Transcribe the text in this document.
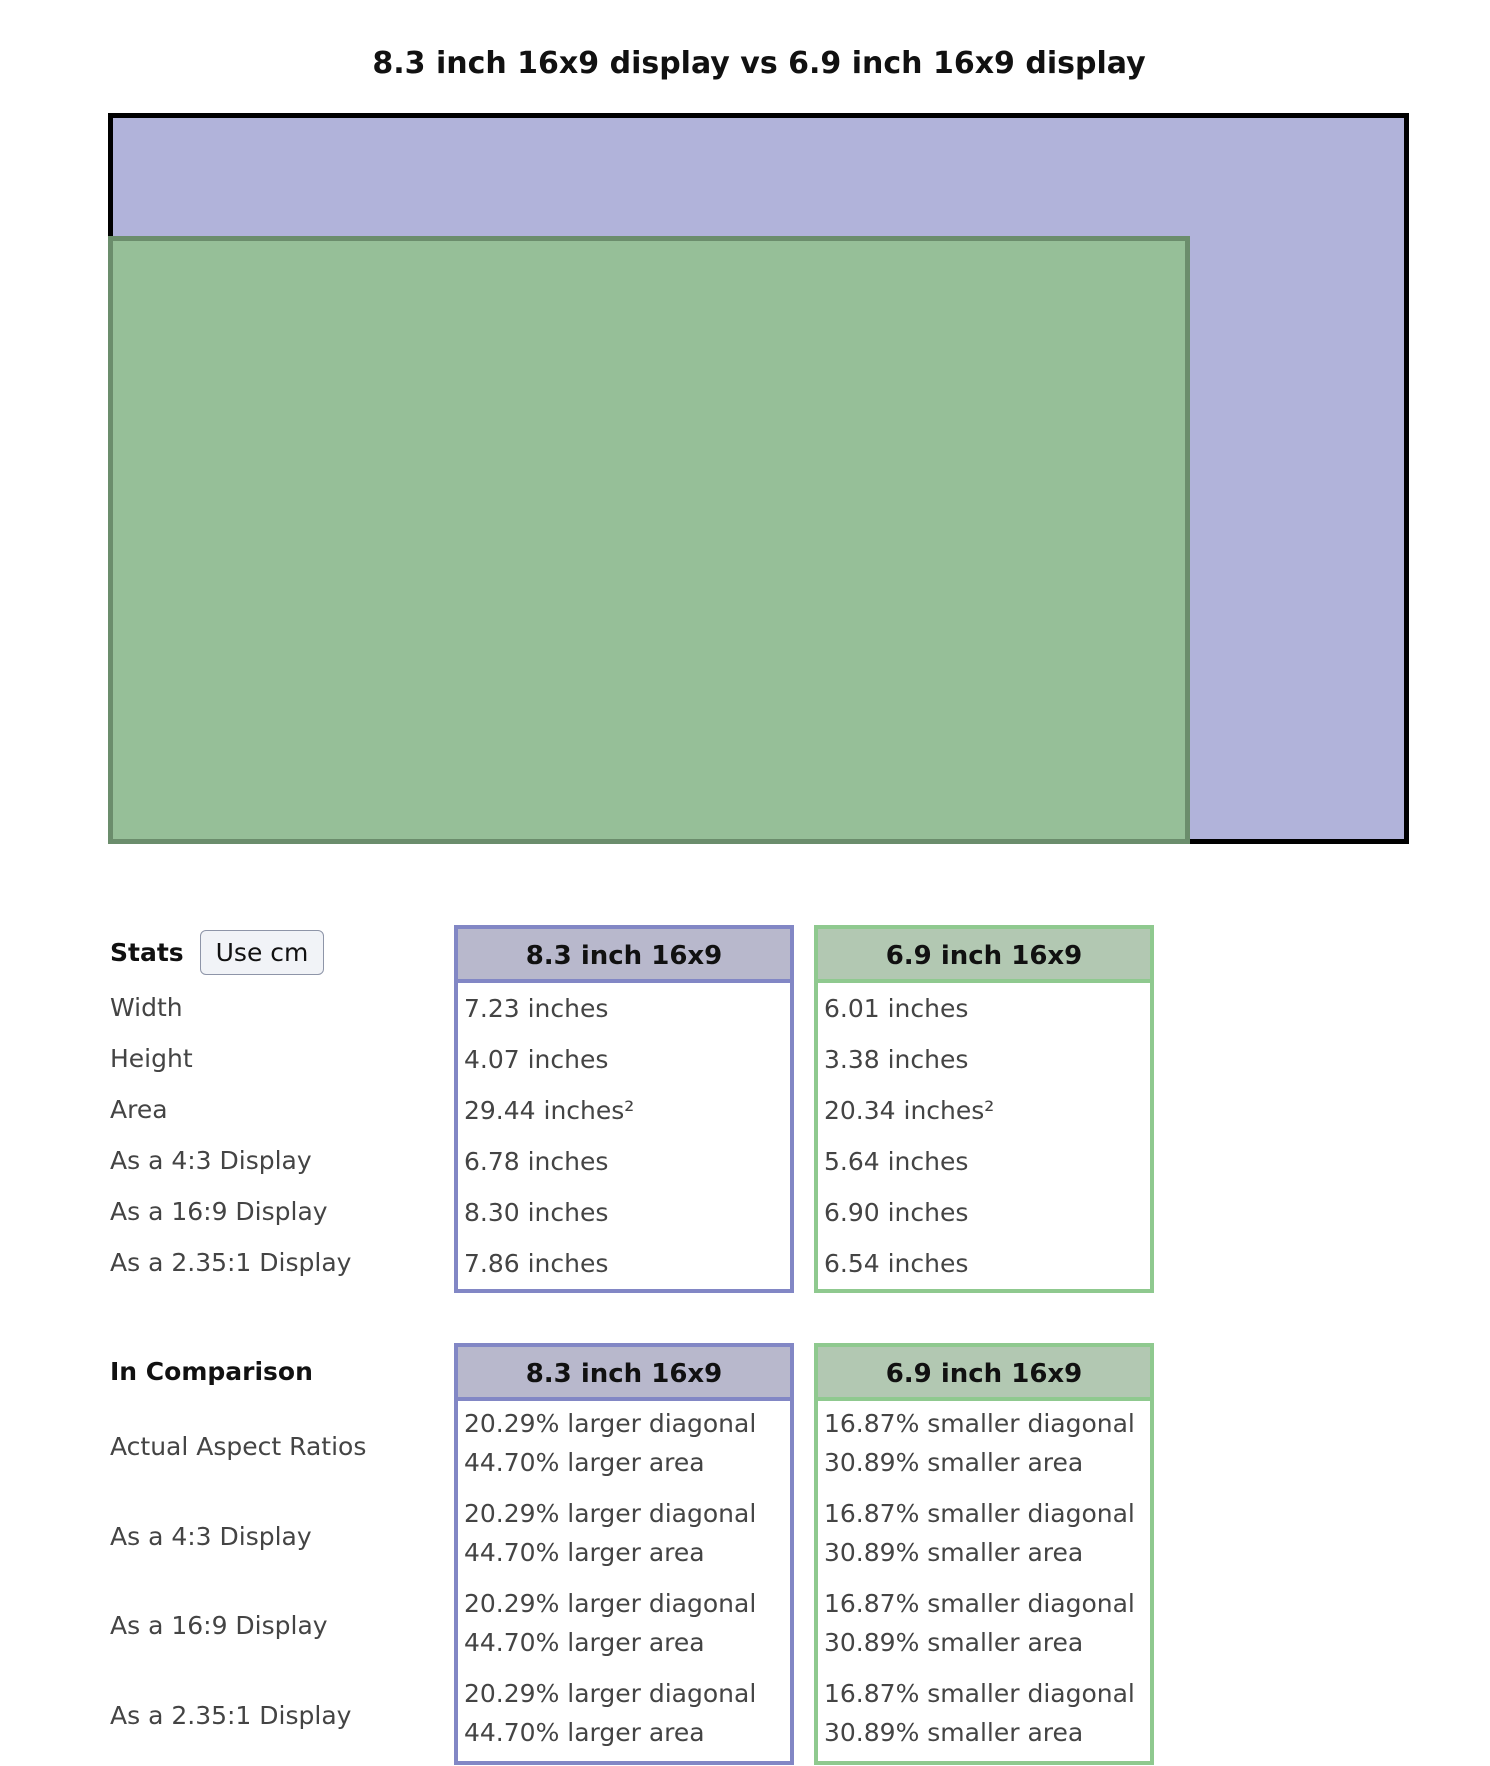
8.3 inch 16x9 display vs 6.9 inch 16x9 display
Stats
Width
Height
Area
As a 4:3 Display
As a 16:9 Display
As a 2.35:1 Display
In Comparison
Actual Aspect Ratios
As a 4:3 Display
As a 16:9 Display
As a 2.35:1 Display
Use cm	8.3 inch 16x9
7.23 inches
4.07 inches
29.44 inches²
6.78 inches
8.30 inches
7.86 inches
6.9 inch 16x9
6.01 inches
3.38 inches
20.34 inches²
5.64 inches
6.90 inches
6.54 inches
8.3 inch 16x9
20.29% larger diagonal
44.70% larger area
20.29% larger diagonal
44.70% larger area
20.29% larger diagonal
44.70% larger area
20.29% larger diagonal
44.70% larger area
6.9 inch 16x9
16.87% smaller diagonal
30.89% smaller area
16.87% smaller diagonal
30.89% smaller area
16.87% smaller diagonal
30.89% smaller area
16.87% smaller diagonal
30.89% smaller area
